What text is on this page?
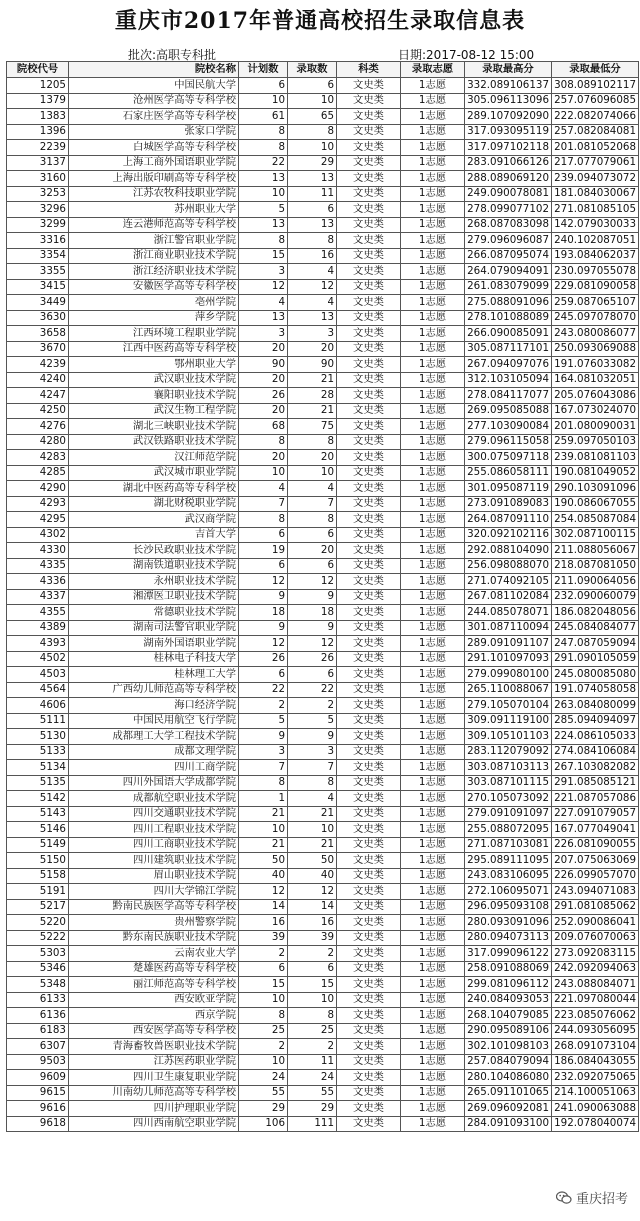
重庆市2017年普通高校招生录取信息表
批次:高职专科批	日期:2017-08-12 15:00
院校代号	院校名称	计划数	录取数	科类	录取志愿	录取最高分	录取最低分
1205	中国民航大学	6	6	文史类	1志愿	332.089106137	308.089102117
1379	沧州医学高等专科学校	10	10	文史类	1志愿	305.096113096	257.076096085
1383	石家庄医学高等专科学校	61	65	文史类	1志愿	289.107092090	222.082074066
1396	张家口学院	8	8	文史类	1志愿	317.093095119	257.082084081
2239	白城医学高等专科学校	8	10	文史类	1志愿	317.097102118	201.081052068
3137	上海工商外国语职业学院	22	29	文史类	1志愿	283.091066126	217.077079061
3160	上海出版印刷高等专科学校	13	13	文史类	1志愿	288.089069120	239.094073072
3253	江苏农牧科技职业学院	10	11	文史类	1志愿	249.090078081	181.084030067
3296	苏州职业大学	5	6	文史类	1志愿	278.099077102	271.081085105
3299	连云港师范高等专科学校	13	13	文史类	1志愿	268.087083098	142.079030033
3316	浙江警官职业学院	8	8	文史类	1志愿	279.096096087	240.102087051
3354	浙江商业职业技术学院	15	16	文史类	1志愿	266.087095074	193.084062037
3355	浙江经济职业技术学院	3	4	文史类	1志愿	264.079094091	230.097055078
3415	安徽医学高等专科学校	12	12	文史类	1志愿	261.083079099	229.081090058
3449	亳州学院	4	4	文史类	1志愿	275.088091096	259.087065107
3630	萍乡学院	13	13	文史类	1志愿	278.101088089	245.097078070
3658	江西环境工程职业学院	3	3	文史类	1志愿	266.090085091	243.080086077
3670	江西中医药高等专科学校	20	20	文史类	1志愿	305.087117101	250.093069088
4239	鄂州职业大学	90	90	文史类	1志愿	267.094097076	191.076033082
4240	武汉职业技术学院	20	21	文史类	1志愿	312.103105094	164.081032051
4247	襄阳职业技术学院	26	28	文史类	1志愿	278.084117077	205.076043086
4250	武汉生物工程学院	20	21	文史类	1志愿	269.095085088	167.073024070
4276	湖北三峡职业技术学院	68	75	文史类	1志愿	277.103090084	201.080090031
4280	武汉铁路职业技术学院	8	8	文史类	1志愿	279.096115058	259.097050103
4283	汉江师范学院	20	20	文史类	1志愿	300.075097118	239.081081103
4285	武汉城市职业学院	10	10	文史类	1志愿	255.086058111	190.081049052
4290	湖北中医药高等专科学校	4	4	文史类	1志愿	301.095087119	290.103091096
4293	湖北财税职业学院	7	7	文史类	1志愿	273.091089083	190.086067055
4295	武汉商学院	8	8	文史类	1志愿	264.087091110	254.085087084
4302	吉首大学	6	6	文史类	1志愿	320.092102116	302.087100115
4330	长沙民政职业技术学院	19	20	文史类	1志愿	292.088104090	211.088056067
4335	湖南铁道职业技术学院	6	6	文史类	1志愿	256.098088070	218.087081050
4336	永州职业技术学院	12	12	文史类	1志愿	271.074092105	211.090064056
4337	湘潭医卫职业技术学院	9	9	文史类	1志愿	267.081102084	232.090060079
4355	常德职业技术学院	18	18	文史类	1志愿	244.085078071	186.082048056
4389	湖南司法警官职业学院	9	9	文史类	1志愿	301.087110094	245.084084077
4393	湖南外国语职业学院	12	12	文史类	1志愿	289.091091107	247.087059094
4502	桂林电子科技大学	26	26	文史类	1志愿	291.101097093	291.090105059
4503	桂林理工大学	6	6	文史类	1志愿	279.099080100	245.080085080
4564	广西幼儿师范高等专科学校	22	22	文史类	1志愿	265.110088067	191.074058058
4606	海口经济学院	2	2	文史类	1志愿	279.105070104	263.084080099
5111	中国民用航空飞行学院	5	5	文史类	1志愿	309.091119100	285.094094097
5130	成都理工大学工程技术学院	9	9	文史类	1志愿	309.105101103	224.086105033
5133	成都文理学院	3	3	文史类	1志愿	283.112079092	274.084106084
5134	四川工商学院	7	7	文史类	1志愿	303.087103113	267.103082082
5135	四川外国语大学成都学院	8	8	文史类	1志愿	303.087101115	291.085085121
5142	成都航空职业技术学院	1	4	文史类	1志愿	270.105073092	221.087057086
5143	四川交通职业技术学院	21	21	文史类	1志愿	279.091091097	227.091079057
5146	四川工程职业技术学院	10	10	文史类	1志愿	255.088072095	167.077049041
5149	四川工商职业技术学院	21	21	文史类	1志愿	271.087103081	226.081090055
5150	四川建筑职业技术学院	50	50	文史类	1志愿	295.089111095	207.075063069
5158	眉山职业技术学院	40	40	文史类	1志愿	243.083106095	226.099057070
5191	四川大学锦江学院	12	12	文史类	1志愿	272.106095071	243.094071083
5217	黔南民族医学高等专科学校	14	14	文史类	1志愿	296.095093108	291.081085062
5220	贵州警察学院	16	16	文史类	1志愿	280.093091096	252.090086041
5222	黔东南民族职业技术学院	39	39	文史类	1志愿	280.094073113	209.076070063
5303	云南农业大学	2	2	文史类	1志愿	317.099096122	273.092083115
5346	楚雄医药高等专科学校	6	6	文史类	1志愿	258.091088069	242.092094063
5348	丽江师范高等专科学校	15	15	文史类	1志愿	299.081096112	243.088084071
6133	西安欧亚学院	10	10	文史类	1志愿	240.084093053	221.097080044
6136	西京学院	8	8	文史类	1志愿	268.104079085	223.085076062
6183	西安医学高等专科学校	25	25	文史类	1志愿	290.095089106	244.093056095
6307	青海畜牧兽医职业技术学院	2	2	文史类	1志愿	302.101098103	268.091073104
9503	江苏医药职业学院	10	11	文史类	1志愿	257.084079094	186.084043055
9609	四川卫生康复职业学院	24	24	文史类	1志愿	280.104086080	232.092075065
9615	川南幼儿师范高等专科学校	55	55	文史类	1志愿	265.091101065	214.100051063
9616	四川护理职业学院	29	29	文史类	1志愿	269.096092081	241.090063088
9618	四川西南航空职业学院	106	111	文史类	1志愿	284.091093100	192.078040074
重庆招考
